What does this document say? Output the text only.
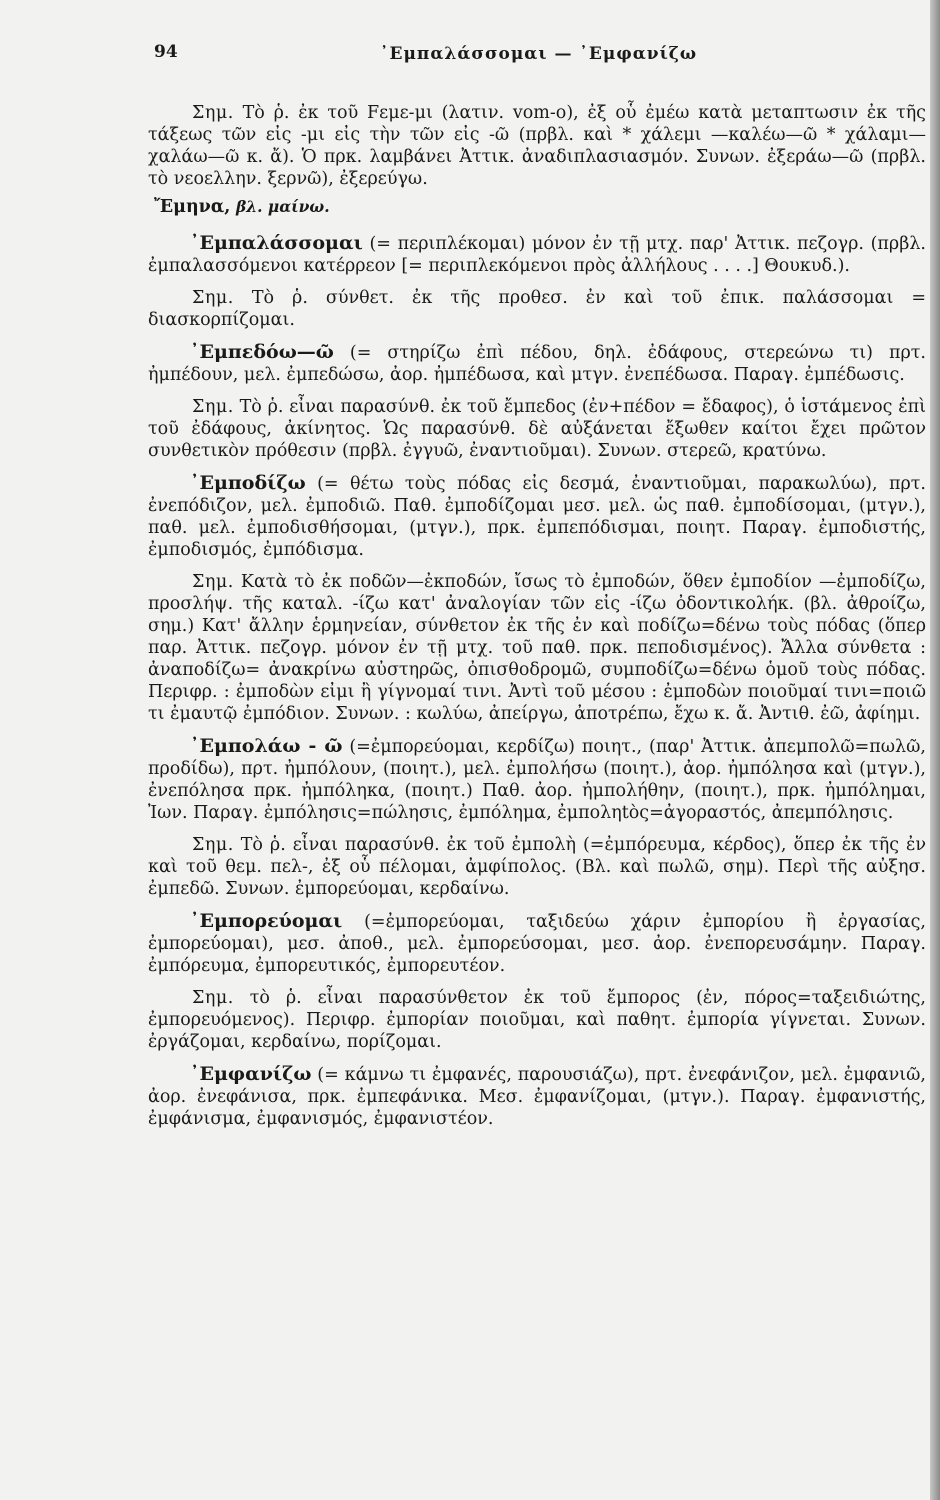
94	᾿Εμπαλάσσομαι — ᾿Εμφανίζω

Σημ. Τὸ ῥ. ἐκ τοῦ Fεμε-μι (λατιν. vom-o), ἐξ οὗ ἐμέω κατὰ μεταπτωσιν ἐκ τῆς τάξεως τῶν εἰς -μι εἰς τὴν τῶν εἰς -ῶ (πρβλ. καὶ * χάλεμι —καλέω—ῶ * χάλαμι—χαλάω—ῶ κ. ἄ). Ὁ πρκ. λαμβάνει Ἀττικ. ἀναδιπλασιασμόν. Συνων. ἐξεράω—ῶ (πρβλ. τὸ νεοελλην. ξερνῶ), ἐξερεύγω.

Ἔμηνα, βλ. μαίνω.

᾿Εμπαλάσσομαι (= περιπλέκομαι) μόνον ἐν τῇ μτχ. παρ' Ἀττικ. πεζογρ. (πρβλ. ἐμπαλασσόμενοι κατέρρεον [= περιπλεκόμενοι πρὸς ἀλλήλους . . . .] Θουκυδ.).

Σημ. Τὸ ῥ. σύνθετ. ἐκ τῆς προθεσ. ἐν καὶ τοῦ ἐπικ. παλάσσομαι = διασκορπίζομαι.

᾿Εμπεδόω—ῶ (= στηρίζω ἐπὶ πέδου, δηλ. ἐδάφους, στερεώνω τι) πρτ. ἠμπέδουν, μελ. ἐμπεδώσω, ἀορ. ἠμπέδωσα, καὶ μτγν. ἐνεπέδωσα. Παραγ. ἐμπέδωσις.

Σημ. Τὸ ῥ. εἶναι παρασύνθ. ἐκ τοῦ ἔμπεδος (ἐν+πέδον = ἔδαφος), ὁ ἱστάμενος ἐπὶ τοῦ ἐδάφους, ἀκίνητος. Ὡς παρασύνθ. δὲ αὐξάνεται ἔξωθεν καίτοι ἔχει πρῶτον συνθετικὸν πρόθεσιν (πρβλ. ἐγγυῶ, ἐναντιοῦμαι). Συνων. στερεῶ, κρατύνω.

᾿Εμποδίζω (= θέτω τοὺς πόδας εἰς δεσμά, ἐναντιοῦμαι, παρακωλύω), πρτ. ἐνεπόδιζον, μελ. ἐμποδιῶ. Παθ. ἐμποδίζομαι μεσ. μελ. ὡς παθ. ἐμποδίσομαι, (μτγν.), παθ. μελ. ἐμποδισθήσομαι, (μτγν.), πρκ. ἐμπεπόδισμαι, ποιητ. Παραγ. ἐμποδιστής, ἐμποδισμός, ἐμπόδισμα.

Σημ. Κατὰ τὸ ἐκ ποδῶν—ἐκποδών, ἴσως τὸ ἐμποδών, ὅθεν ἐμποδίον —ἐμποδίζω, προσλήψ. τῆς καταλ. -ίζω κατ' ἀναλογίαν τῶν εἰς -ίζω ὀδοντικολήκ. (βλ. ἀθροίζω, σημ.) Κατ' ἄλλην ἑρμηνείαν, σύνθετον ἐκ τῆς ἐν καὶ ποδίζω=δένω τοὺς πόδας (ὅπερ παρ. Ἀττικ. πεζογρ. μόνον ἐν τῇ μτχ. τοῦ παθ. πρκ. πεποδισμένος). Ἄλλα σύνθετα : ἀναποδίζω= ἀνακρίνω αὐστηρῶς, ὀπισθοδρομῶ, συμποδίζω=δένω ὁμοῦ τοὺς πόδας. Περιφρ. : ἐμποδὼν εἰμι ἢ γίγνομαί τινι. Ἀντὶ τοῦ μέσου : ἐμποδὼν ποιοῦμαί τινι=ποιῶ τι ἐμαυτῷ ἐμπόδιον. Συνων. : κωλύω, ἀπείργω, ἀποτρέπω, ἔχω κ. ἄ. Ἀντιθ. ἐῶ, ἀφίημι.

᾿Εμπολάω - ῶ (=ἐμπορεύομαι, κερδίζω) ποιητ., (παρ' Ἀττικ. ἀπεμπολῶ=πωλῶ, προδίδω), πρτ. ἠμπόλουν, (ποιητ.), μελ. ἐμπολήσω (ποιητ.), ἀορ. ἠμπόλησα καὶ (μτγν.), ἐνεπόλησα πρκ. ἠμπόληκα, (ποιητ.) Παθ. ἀορ. ἠμπολήθην, (ποιητ.), πρκ. ἠμπόλημαι, Ἰων. Παραγ. ἐμπόλησις=πώλησις, ἐμπόλημα, ἐμποληtὸς=ἀγοραστός, ἀπεμπόλησις.

Σημ. Τὸ ῥ. εἶναι παρασύνθ. ἐκ τοῦ ἐμπολὴ (=ἐμπόρευμα, κέρδος), ὅπερ ἐκ τῆς ἐν καὶ τοῦ θεμ. πελ-, ἐξ οὗ πέλομαι, ἀμφίπολος. (Βλ. καὶ πωλῶ, σημ). Περὶ τῆς αὐξησ. ἐμπεδῶ. Συνων. ἐμπορεύομαι, κερδαίνω.

᾿Εμπορεύομαι (=ἐμπορεύομαι, ταξιδεύω χάριν ἐμπορίου ἢ ἐργασίας, ἐμπορεύομαι), μεσ. ἀποθ., μελ. ἐμπορεύσομαι, μεσ. ἀορ. ἐνεπορευσάμην. Παραγ. ἐμπόρευμα, ἐμπορευτικός, ἐμπορευτέον.

Σημ. τὸ ῥ. εἶναι παρασύνθετον ἐκ τοῦ ἔμπορος (ἐν, πόρος=ταξειδιώτης, ἐμπορευόμενος). Περιφρ. ἐμπορίαν ποιοῦμαι, καὶ παθητ. ἐμπορία γίγνεται. Συνων. ἐργάζομαι, κερδαίνω, πορίζομαι.

᾿Εμφανίζω (= κάμνω τι ἐμφανές, παρουσιάζω), πρτ. ἐνεφάνιζον, μελ. ἐμφανιῶ, ἀορ. ἐνεφάνισα, πρκ. ἐμπεφάνικα. Μεσ. ἐμφανίζομαι, (μτγν.). Παραγ. ἐμφανιστής, ἐμφάνισμα, ἐμφανισμός, ἐμφανιστέον.
